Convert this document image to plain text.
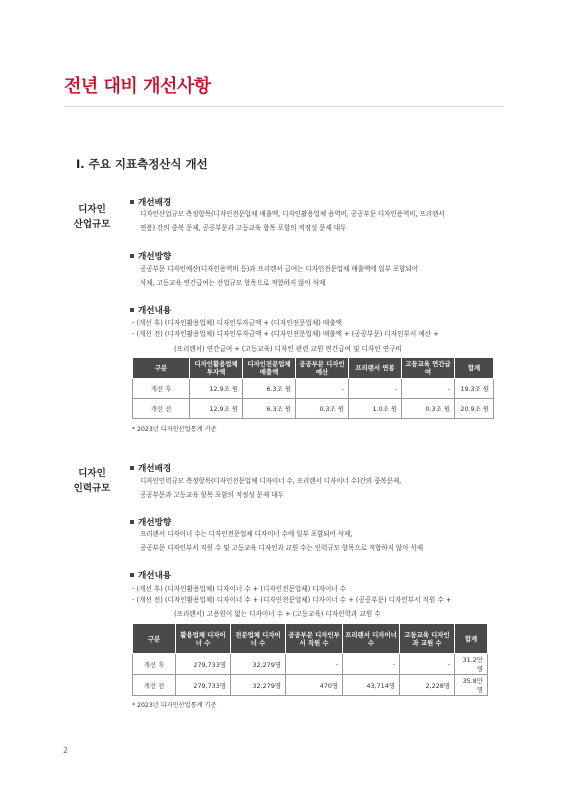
전년 대비 개선사항
Ⅰ. 주요 지표측정산식 개선
디자인
산업규모
개선배경
디자인산업규모 측정항목(디자인전문업체 매출액, 디자인활용업체 용역비, 공공부문 디자인용역비, 프리랜서
연봉) 간의 중복 문제, 공공부문과 고등교육 항목 포함의 적정성 문제 대두
개선방향
공공부문 디자인예산(디자인용역비 등)과 프리랜서 급여는 디자인전문업체 매출액에 일부 포함되어
삭제, 고등교육 연간급여는 산업규모 항목으로 적합하지 않아 삭제
개선내용
- (개선 후) (디자인활용업체) 디자인투자금액 + (디자인전문업체) 매출액
- (개선 전) (디자인활용업체) 디자인투자금액 + (디자인전문업체) 매출액 + (공공부문) 디자인부서 예산 +
(프리랜서) 연간급여 + (고등교육) 디자인 관련 교원 연간급여 및 디자인 연구비
구분	디자인활용업체 투자액	디자인전문업체 매출액	공공부문 디자인예산	프리랜서 연봉	고등교육 연간급여	합계
개선 후	12.9조 원	6.3조 원	-	-	-	19.3조 원
개선 전	12.9조 원	6.3조 원	0.3조 원	1.0조 원	0.3조 원	20.9조 원
* 2023년 디자인산업통계 기준
디자인
인력규모
개선배경
디자인인력규모 측정항목(디자인전문업체 디자이너 수, 프리랜서 디자이너 수)간의 중복문제,
공공부문과 고등교육 항목 포함의 적정성 문제 대두
개선방향
프리랜서 디자이너 수는 디자인전문업체 디자이너 수에 일부 포함되어 삭제,
공공부문 디자인부서 직원 수 및 고등교육 디자인과 교원 수는 인력규모 항목으로 적합하지 않아 삭제
개선내용
- (개선 후) (디자인활용업체) 디자이너 수 + (디자인전문업체) 디자이너 수
- (개선 전) (디자인활용업체) 디자이너 수 + (디자인전문업체) 디자이너 수 + (공공부문) 디자인부서 직원 수 +
(프리랜서) 고용원이 없는 디자이너 수 + (고등교육) 디자인학과 교원 수
구분	활용업체 디자이너 수	전문업체 디자이너 수	공공부문 디자인부서 직원 수	프리랜서 디자이너 수	고등교육 디자인과 교원 수	합계
개선 후	279,733명	32,279명	-	-	-	31.2만 명
개선 전	279,733명	32,279명	470명	43,714명	2,228명	35.8만 명
* 2023년 디자인산업통계 기준
2
